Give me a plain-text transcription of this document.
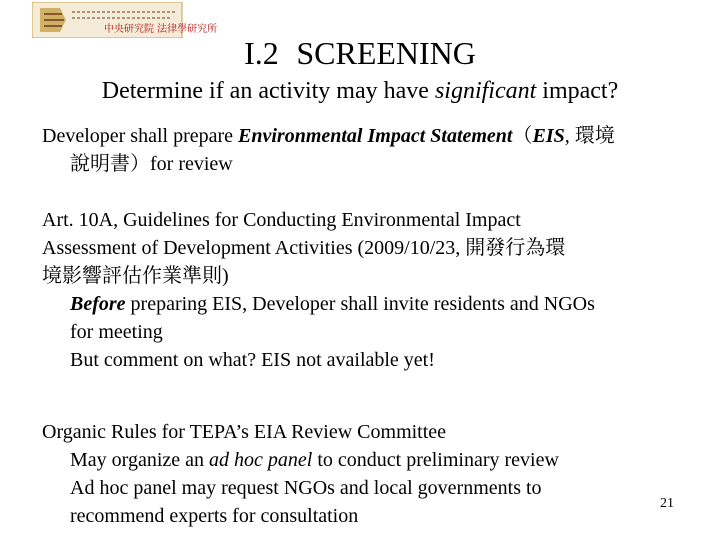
中央研究院 法律學研究所
I.2 SCREENING
Determine if an activity may have significant impact?
Developer shall prepare Environmental Impact Statement（EIS, 環境
說明書）for review
Art. 10A, Guidelines for Conducting Environmental Impact
Assessment of Development Activities (2009/10/23, 開發行為環
境影響評估作業準則)
Before preparing EIS, Developer shall invite residents and NGOs
for meeting
But comment on what? EIS not available yet!
Organic Rules for TEPA’s EIA Review Committee
May organize an ad hoc panel to conduct preliminary review
Ad hoc panel may request NGOs and local governments to
recommend experts for consultation
21
